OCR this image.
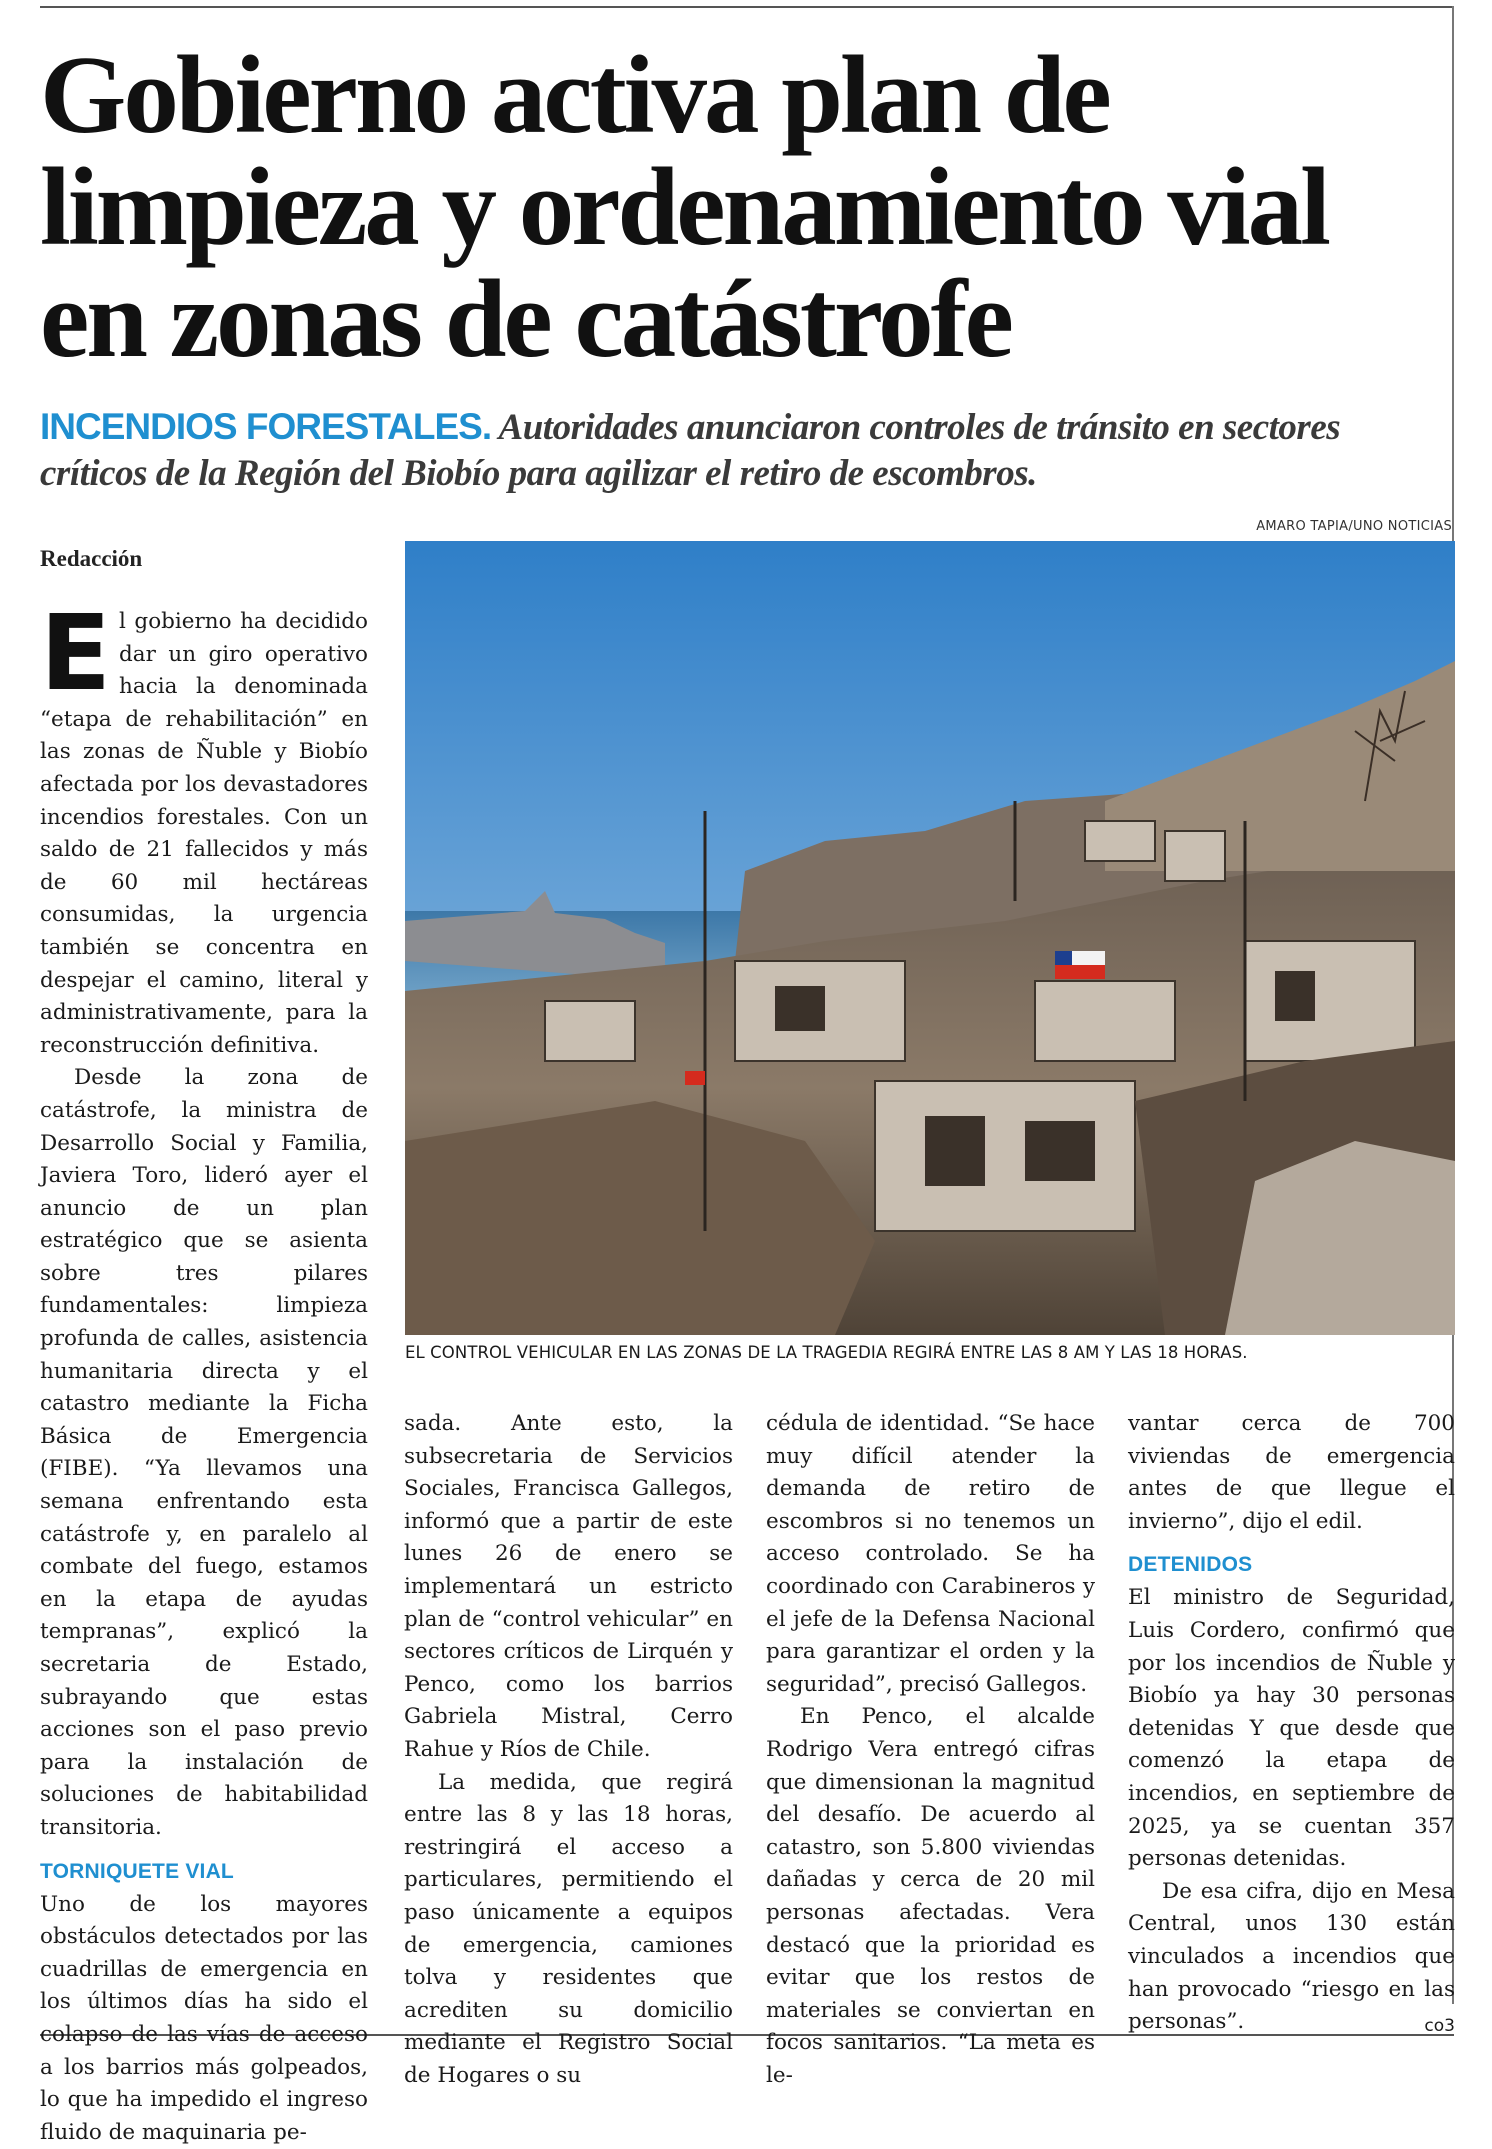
Gobierno activa plan de limpieza y ordenamiento vial en zonas de catástrofe

INCENDIOS FORESTALES. Autoridades anunciaron controles de tránsito en sectores críticos de la Región del Biobío para agilizar el retiro de escombros.

AMARO TAPIA/UNO NOTICIAS
Redacción
EL CONTROL VEHICULAR EN LAS ZONAS DE LA TRAGEDIA REGIRÁ ENTRE LAS 8 AM Y LAS 18 HORAS.

El gobierno ha decidido dar un giro operativo hacia la denominada “etapa de rehabilitación” en las zonas de Ñuble y Biobío afectada por los devastadores incendios forestales. Con un saldo de 21 fallecidos y más de 60 mil hectáreas consumidas, la urgencia también se concentra en despejar el camino, literal y administrativamente, para la reconstrucción definitiva.

Desde la zona de catástrofe, la ministra de Desarrollo Social y Familia, Javiera Toro, lideró ayer el anuncio de un plan estratégico que se asienta sobre tres pilares fundamentales: limpieza profunda de calles, asistencia humanitaria directa y el catastro mediante la Ficha Básica de Emergencia (FIBE). “Ya llevamos una semana enfrentando esta catástrofe y, en paralelo al combate del fuego, estamos en la etapa de ayudas tempranas”, explicó la secretaria de Estado, subrayando que estas acciones son el paso previo para la instalación de soluciones de habitabilidad transitoria.

TORNIQUETE VIAL

Uno de los mayores obstáculos detectados por las cuadrillas de emergencia en los últimos días ha sido el colapso de las vías de acceso a los barrios más golpeados, lo que ha impedido el ingreso fluido de maquinaria pe-

sada. Ante esto, la subsecretaria de Servicios Sociales, Francisca Gallegos, informó que a partir de este lunes 26 de enero se implementará un estricto plan de “control vehicular” en sectores críticos de Lirquén y Penco, como los barrios Gabriela Mistral, Cerro Rahue y Ríos de Chile.

La medida, que regirá entre las 8 y las 18 horas, restringirá el acceso a particulares, permitiendo el paso únicamente a equipos de emergencia, camiones tolva y residentes que acrediten su domicilio mediante el Registro Social de Hogares o su

cédula de identidad. “Se hace muy difícil atender la demanda de retiro de escombros si no tenemos un acceso controlado. Se ha coordinado con Carabineros y el jefe de la Defensa Nacional para garantizar el orden y la seguridad”, precisó Gallegos.

En Penco, el alcalde Rodrigo Vera entregó cifras que dimensionan la magnitud del desafío. De acuerdo al catastro, son 5.800 viviendas dañadas y cerca de 20 mil personas afectadas. Vera destacó que la prioridad es evitar que los restos de materiales se conviertan en focos sanitarios. “La meta es le-

vantar cerca de 700 viviendas de emergencia antes de que llegue el invierno”, dijo el edil.

DETENIDOS

El ministro de Seguridad, Luis Cordero, confirmó que por los incendios de Ñuble y Biobío ya hay 30 personas detenidas Y que desde que comenzó la etapa de incendios, en septiembre de 2025, ya se cuentan 357 personas detenidas.

De esa cifra, dijo en Mesa Central, unos 130 están vinculados a incendios que han provocado “riesgo en las personas”.	co3
